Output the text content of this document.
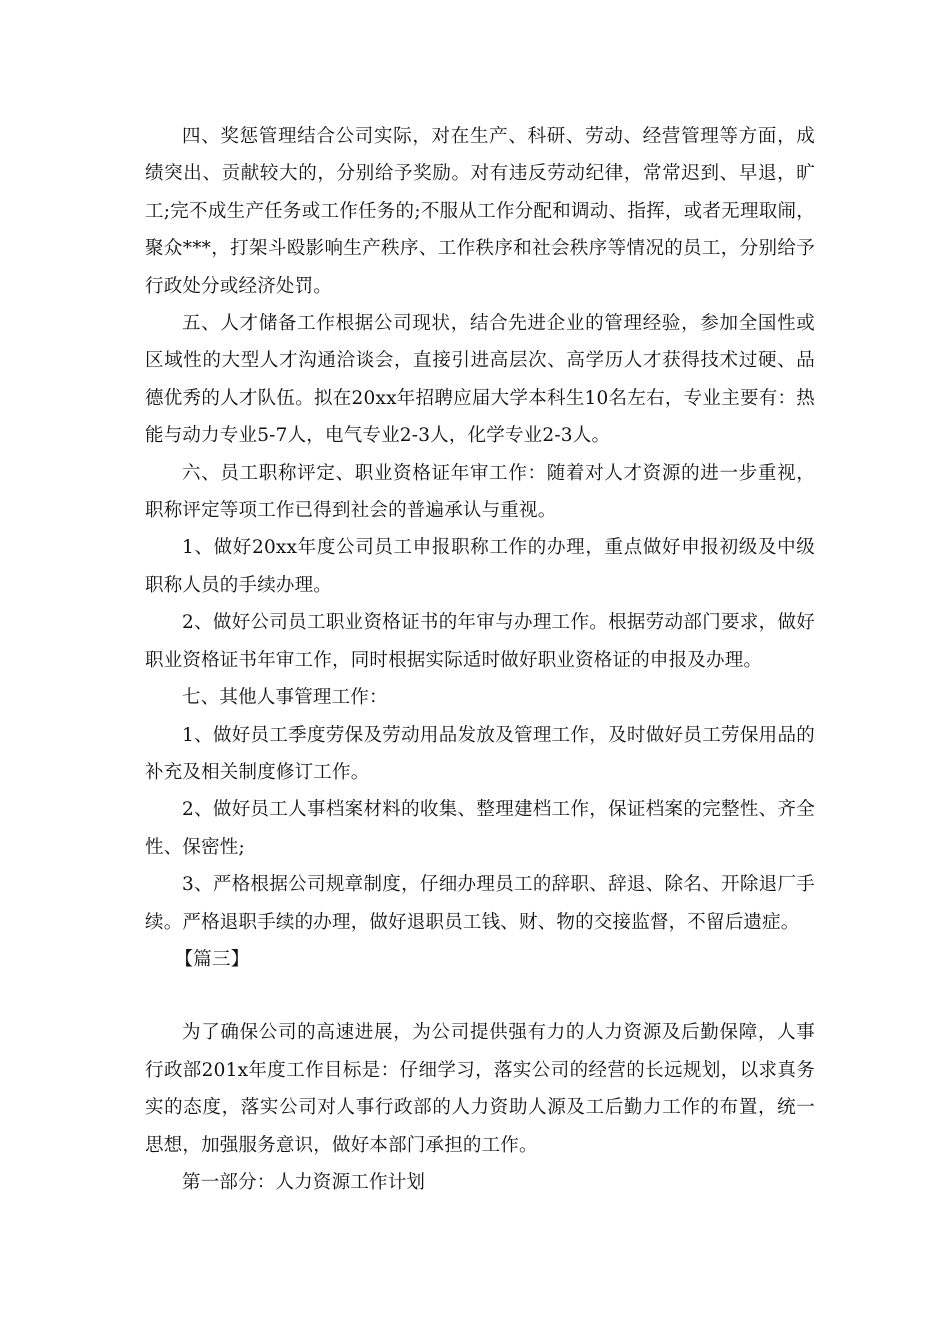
四、奖惩管理结合公司实际，对在生产、科研、劳动、经营管理等方面，成绩突出、贡献较大的，分别给予奖励。对有违反劳动纪律，常常迟到、早退，旷工;完不成生产任务或工作任务的;不服从工作分配和调动、指挥，或者无理取闹，聚众***，打架斗殴影响生产秩序、工作秩序和社会秩序等情况的员工，分别给予行政处分或经济处罚。

五、人才储备工作根据公司现状，结合先进企业的管理经验，参加全国性或区域性的大型人才沟通洽谈会，直接引进高层次、高学历人才获得技术过硬、品德优秀的人才队伍。拟在20xx年招聘应届大学本科生10名左右，专业主要有：热能与动力专业5-7人，电气专业2-3人，化学专业2-3人。

六、员工职称评定、职业资格证年审工作：随着对人才资源的进一步重视，职称评定等项工作已得到社会的普遍承认与重视。

1、做好20xx年度公司员工申报职称工作的办理，重点做好申报初级及中级职称人员的手续办理。

2、做好公司员工职业资格证书的年审与办理工作。根据劳动部门要求，做好职业资格证书年审工作，同时根据实际适时做好职业资格证的申报及办理。

七、其他人事管理工作：

1、做好员工季度劳保及劳动用品发放及管理工作，及时做好员工劳保用品的补充及相关制度修订工作。

2、做好员工人事档案材料的收集、整理建档工作，保证档案的完整性、齐全性、保密性;

3、严格根据公司规章制度，仔细办理员工的辞职、辞退、除名、开除退厂手续。严格退职手续的办理，做好退职员工钱、财、物的交接监督，不留后遗症。

【篇三】

为了确保公司的高速进展，为公司提供强有力的人力资源及后勤保障，人事行政部201x年度工作目标是：仔细学习，落实公司的经营的长远规划，以求真务实的态度，落实公司对人事行政部的人力资助人源及工后勤力工作的布置，统一思想，加强服务意识，做好本部门承担的工作。

第一部分：人力资源工作计划
